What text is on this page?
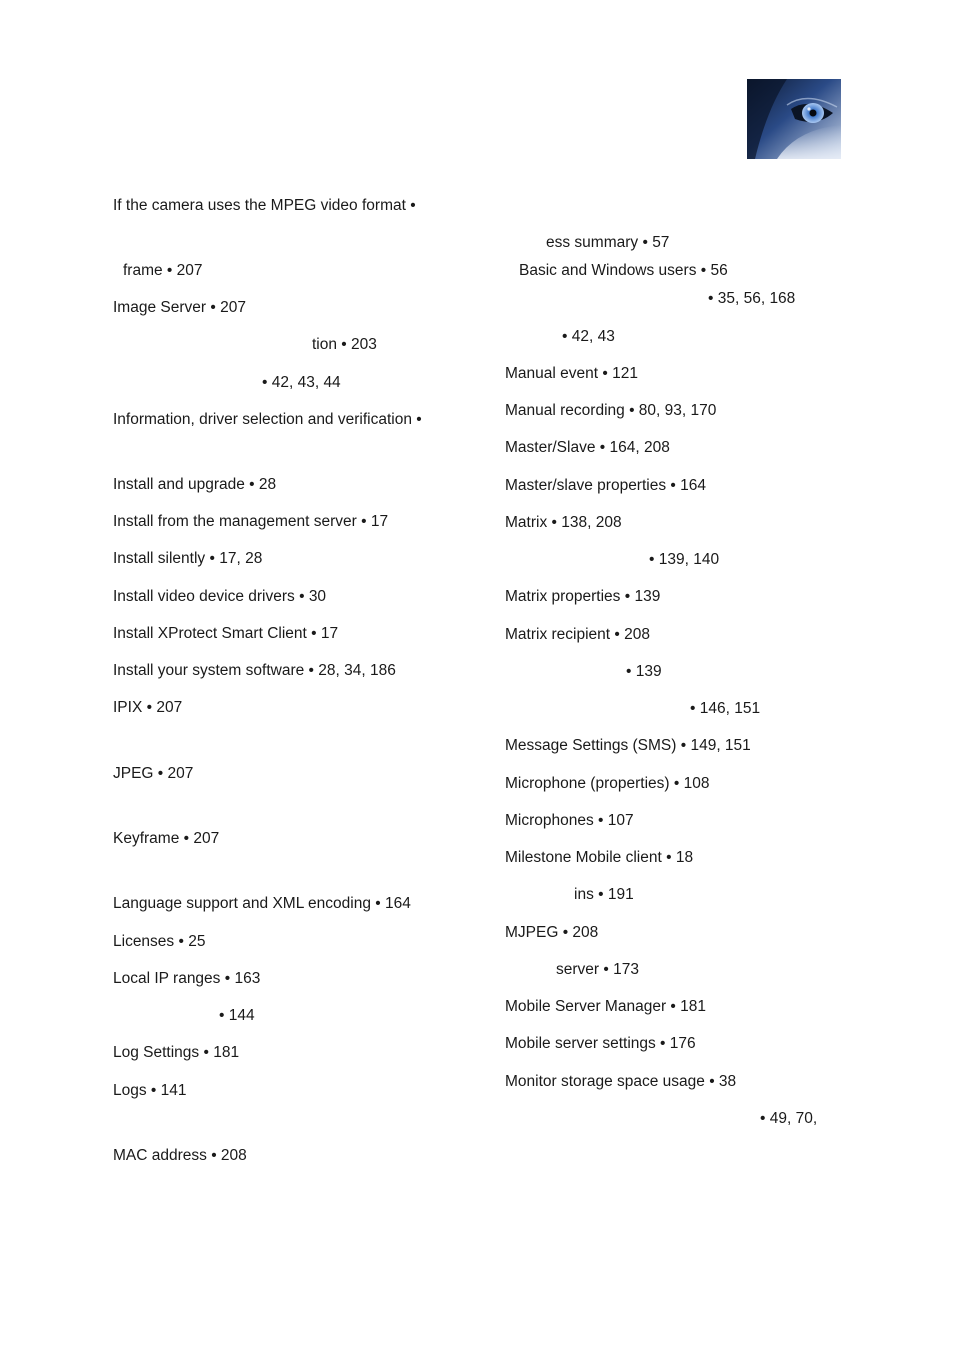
If the camera uses the MPEG video format •
frame • 207
Image Server • 207
tion • 203
• 42, 43, 44
Information, driver selection and verification •
Install and upgrade • 28
Install from the management server • 17
Install silently • 17, 28
Install video device drivers • 30
Install XProtect Smart Client • 17
Install your system software • 28, 34, 186
IPIX • 207
JPEG • 207
Keyframe • 207
Language support and XML encoding • 164
Licenses • 25
Local IP ranges • 163
• 144
Log Settings • 181
Logs • 141
MAC address • 208
ess summary • 57
Basic and Windows users • 56
• 35, 56, 168
• 42, 43
Manual event • 121
Manual recording • 80, 93, 170
Master/Slave • 164, 208
Master/slave properties • 164
Matrix • 138, 208
• 139, 140
Matrix properties • 139
Matrix recipient • 208
• 139
• 146, 151
Message Settings (SMS) • 149, 151
Microphone (properties) • 108
Microphones • 107
Milestone Mobile client • 18
ins • 191
MJPEG • 208
server • 173
Mobile Server Manager • 181
Mobile server settings • 176
Monitor storage space usage • 38
• 49, 70,
